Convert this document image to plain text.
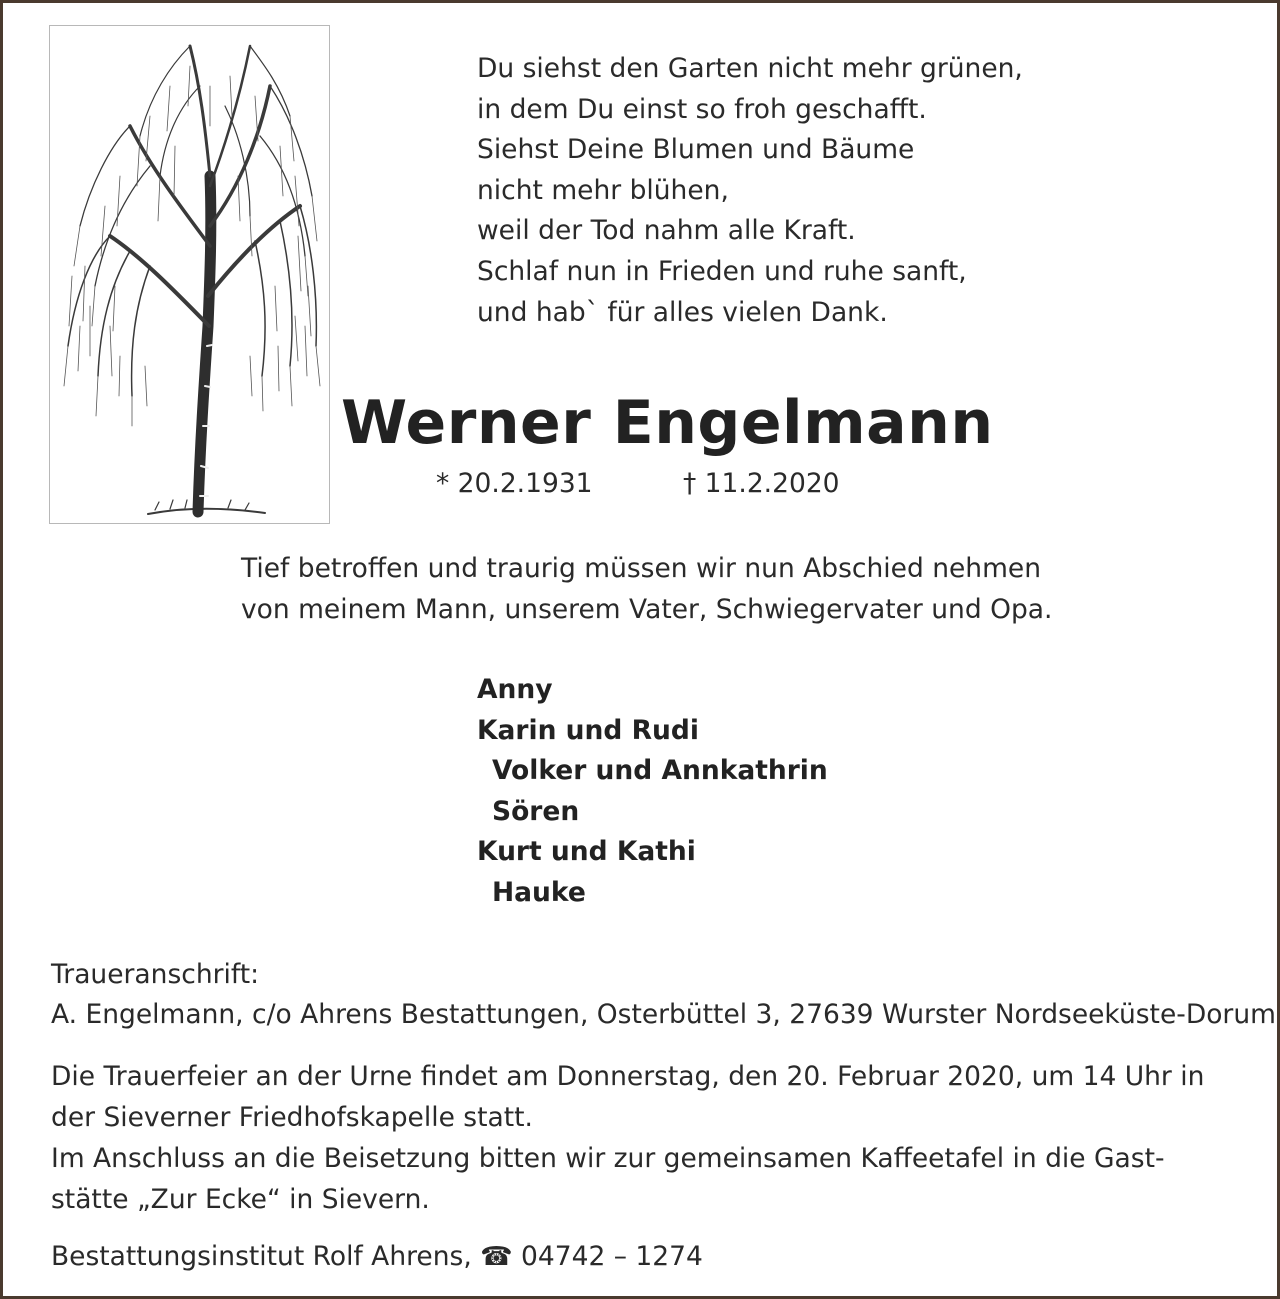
Du siehst den Garten nicht mehr grünen,
in dem Du einst so froh geschafft.
Siehst Deine Blumen und Bäume
nicht mehr blühen,
weil der Tod nahm alle Kraft.
Schlaf nun in Frieden und ruhe sanft,
und hab` für alles vielen Dank.
Werner Engelmann
* 20.2.1931	† 11.2.2020
Tief betroffen und traurig müssen wir nun Abschied nehmen
von meinem Mann, unserem Vater, Schwiegervater und Opa.
Anny
Karin und Rudi
Volker und Annkathrin
Sören
Kurt und Kathi
Hauke
Traueranschrift:
A. Engelmann, c/o Ahrens Bestattungen, Osterbüttel 3, 27639 Wurster Nordseeküste-Dorum
Die Trauerfeier an der Urne findet am Donnerstag, den 20. Februar 2020, um 14 Uhr in
der Sieverner Friedhofskapelle statt.
Im Anschluss an die Beisetzung bitten wir zur gemeinsamen Kaffeetafel in die Gast-
stätte „Zur Ecke“ in Sievern.
Bestattungsinstitut Rolf Ahrens, ☎ 04742 – 1274
